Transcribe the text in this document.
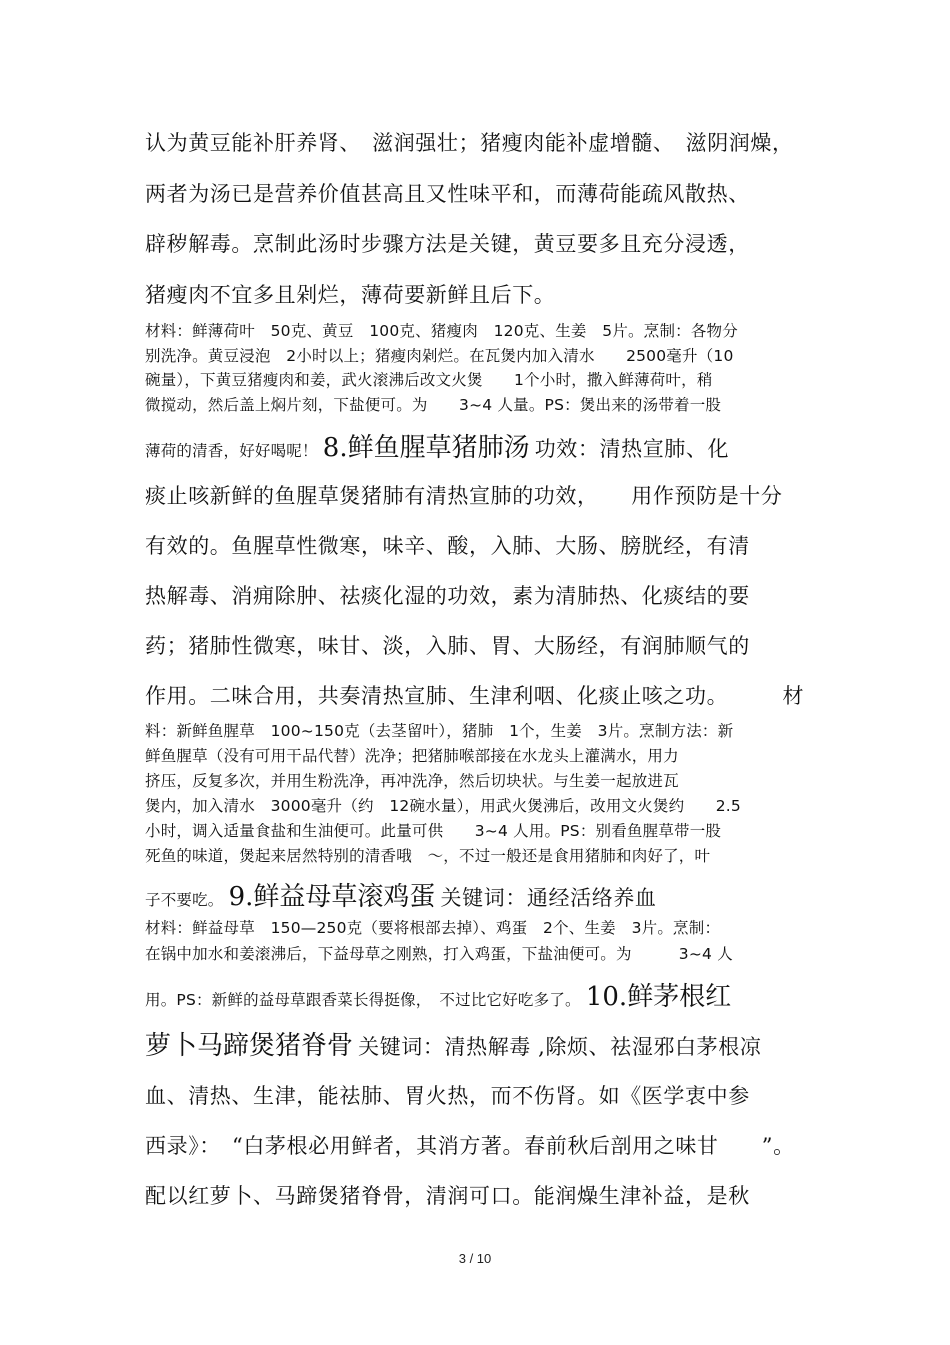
认为黄豆能补肝养肾、　滋润强壮；猪瘦肉能补虚增髓、　滋阴润燥，
两者为汤已是营养价值甚高且又性味平和，而薄荷能疏风散热、
辟秽解毒。烹制此汤时步骤方法是关键，黄豆要多且充分浸透，
猪瘦肉不宜多且剁烂，薄荷要新鲜且后下。
材料：鲜薄荷叶　50克、黄豆　100克、猪瘦肉　120克、生姜　5片。烹制：各物分
别洗净。黄豆浸泡　2小时以上；猪瘦肉剁烂。在瓦煲内加入清水　　2500毫升（10
碗量），下黄豆猪瘦肉和姜，武火滚沸后改文火煲　　1个小时，撒入鲜薄荷叶，稍
微搅动，然后盖上焖片刻，下盐便可。为　　3~4 人量。PS：煲出来的汤带着一股
薄荷的清香，好好喝呢！ 8.鲜鱼腥草猪肺汤 功效：清热宣肺、化
痰止咳新鲜的鱼腥草煲猪肺有清热宣肺的功效，　　用作预防是十分
有效的。鱼腥草性微寒，味辛、酸，入肺、大肠、膀胱经，有清
热解毒、消痈除肿、祛痰化湿的功效，素为清肺热、化痰结的要
药；猪肺性微寒，味甘、淡，入肺、胃、大肠经，有润肺顺气的
作用。二味合用，共奏清热宣肺、生津利咽、化痰止咳之功。　　　材
料：新鲜鱼腥草　100~150克（去茎留叶），猪肺　1个，生姜　3片。烹制方法：新
鲜鱼腥草（没有可用干品代替）洗净；把猪肺喉部接在水龙头上灌满水，用力
挤压，反复多次，并用生粉洗净，再冲洗净，然后切块状。与生姜一起放进瓦
煲内，加入清水　3000毫升（约　12碗水量），用武火煲沸后，改用文火煲约　　2.5
小时，调入适量食盐和生油便可。此量可供　　3~4 人用。PS：别看鱼腥草带一股
死鱼的味道，煲起来居然特别的清香哦　～，不过一般还是食用猪肺和肉好了，叶
子不要吃。 9.鲜益母草滚鸡蛋 关键词：通经活络养血
材料：鲜益母草　150—250克（要将根部去掉）、鸡蛋　2个、生姜　3片。烹制：
在锅中加水和姜滚沸后，下益母草之刚熟，打入鸡蛋，下盐油便可。为　　　3~4 人
用。PS：新鲜的益母草跟香菜长得挺像，　不过比它好吃多了。 10.鲜茅根红
萝卜马蹄煲猪脊骨 关键词：清热解毒 ,除烦、祛湿邪白茅根凉
血、清热、生津，能祛肺、胃火热，而不伤肾。如《医学衷中参
西录》：　“白茅根必用鲜者，其消方著。春前秋后剖用之味甘　　”。
配以红萝卜、马蹄煲猪脊骨，清润可口。能润燥生津补益，是秋
3 / 10
